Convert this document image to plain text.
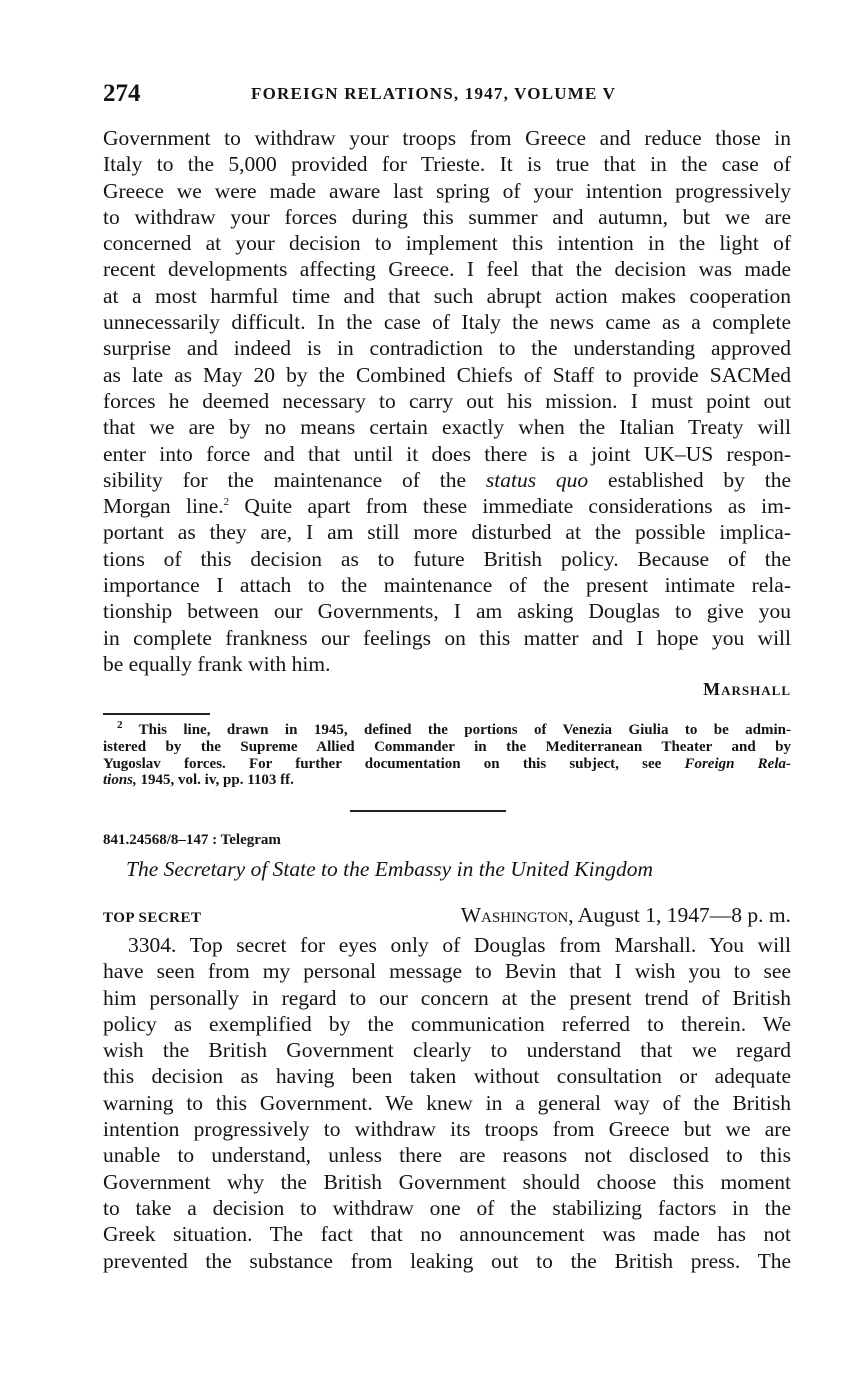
274	FOREIGN RELATIONS, 1947, VOLUME V
Government to withdraw your troops from Greece and reduce those in
Italy to the 5,000 provided for Trieste. It is true that in the case of
Greece we were made aware last spring of your intention progressively
to withdraw your forces during this summer and autumn, but we are
concerned at your decision to implement this intention in the light of
recent developments affecting Greece. I feel that the decision was made
at a most harmful time and that such abrupt action makes cooperation
unnecessarily difficult. In the case of Italy the news came as a complete
surprise and indeed is in contradiction to the understanding approved
as late as May 20 by the Combined Chiefs of Staff to provide SACMed
forces he deemed necessary to carry out his mission. I must point out
that we are by no means certain exactly when the Italian Treaty will
enter into force and that until it does there is a joint UK–US respon-
sibility for the maintenance of the status quo established by the
Morgan line.$^2$ Quite apart from these immediate considerations as im-
portant as they are, I am still more disturbed at the possible implica-
tions of this decision as to future British policy. Because of the
importance I attach to the maintenance of the present intimate rela-
tionship between our Governments, I am asking Douglas to give you
in complete frankness our feelings on this matter and I hope you will
be equally frank with him.
Marshall
$^2$ This line, drawn in 1945, defined the portions of Venezia Giulia to be admin-
istered by the Supreme Allied Commander in the Mediterranean Theater and by
Yugoslav forces. For further documentation on this subject, see Foreign Rela-
tions, 1945, vol. iv, pp. 1103 ff.
841.24568/8–147 : Telegram
The Secretary of State to the Embassy in the United Kingdom
TOP SECRET	Washington, August 1, 1947—8 p. m.
3304. Top secret for eyes only of Douglas from Marshall. You will
have seen from my personal message to Bevin that I wish you to see
him personally in regard to our concern at the present trend of British
policy as exemplified by the communication referred to therein. We
wish the British Government clearly to understand that we regard
this decision as having been taken without consultation or adequate
warning to this Government. We knew in a general way of the British
intention progressively to withdraw its troops from Greece but we are
unable to understand, unless there are reasons not disclosed to this
Government why the British Government should choose this moment
to take a decision to withdraw one of the stabilizing factors in the
Greek situation. The fact that no announcement was made has not
prevented the substance from leaking out to the British press. The
